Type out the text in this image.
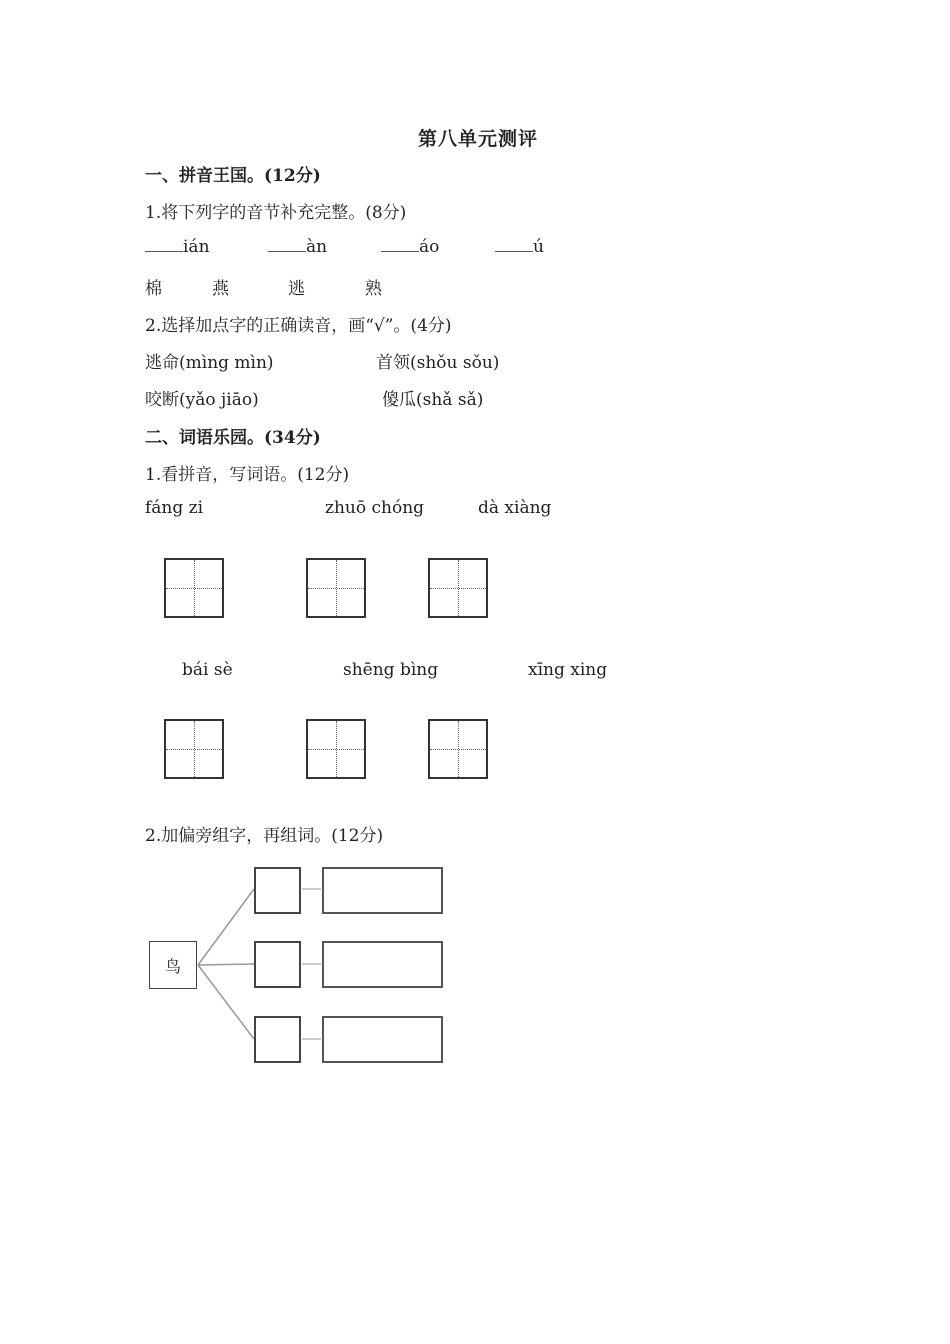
第八单元测评
一、拼音王国。(12分)
1.将下列字的音节补充完整。(8分)
ián	àn	áo	ú
棉	燕	逃	熟
2.选择加点字的正确读音，画“√”。(4分)
逃命(mìng mìn)	首领(shǒu sǒu)
咬断(yǎo jiāo)	傻瓜(shǎ sǎ)
二、词语乐园。(34分)
1.看拼音，写词语。(12分)
fáng zi	zhuō chóng	dà xiàng
bái sè	shēng bìng	xīng xing
2.加偏旁组字，再组词。(12分)
鸟
